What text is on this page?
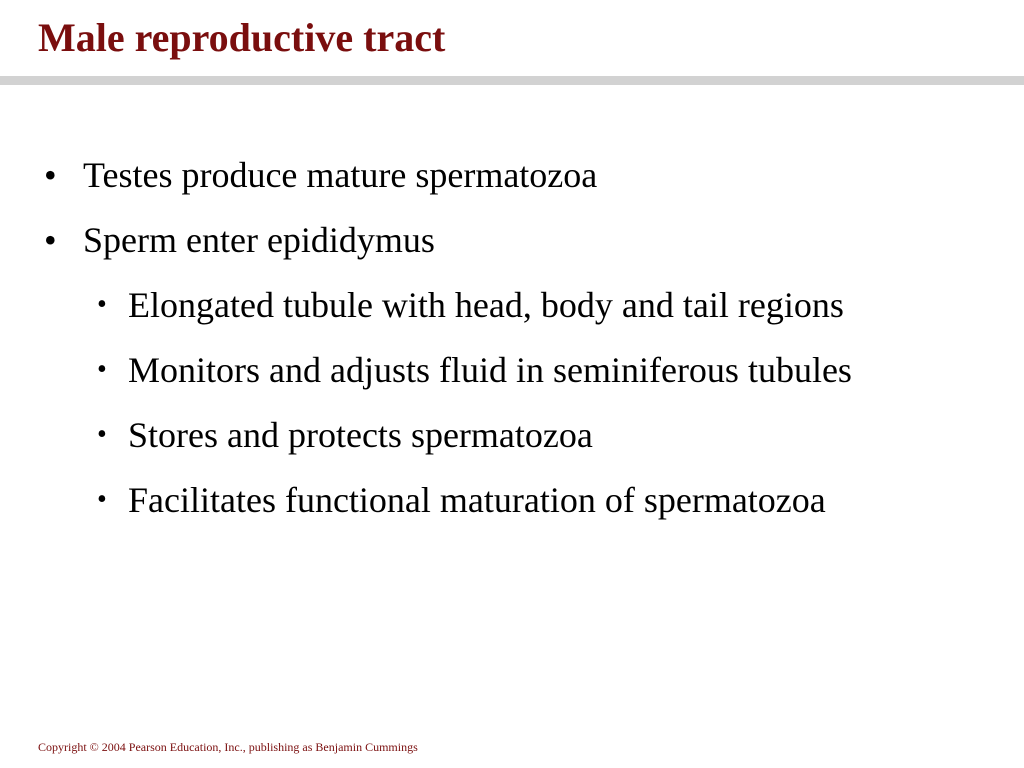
Male reproductive tract
• Testes produce mature spermatozoa
• Sperm enter epididymus
• Elongated tubule with head, body and tail regions
• Monitors and adjusts fluid in seminiferous tubules
• Stores and protects spermatozoa
• Facilitates functional maturation of spermatozoa
Copyright © 2004 Pearson Education, Inc., publishing as Benjamin Cummings
